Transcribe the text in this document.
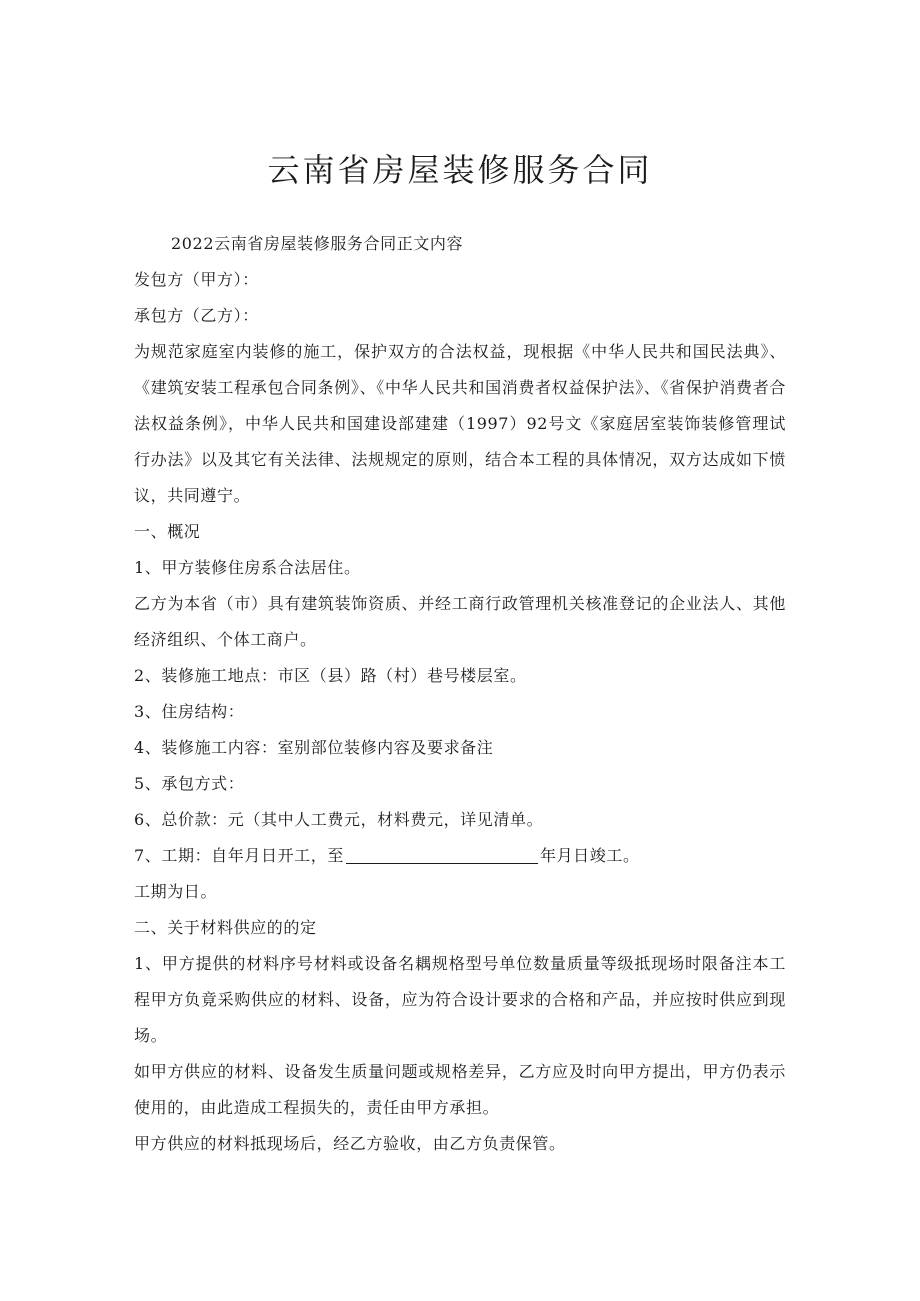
云南省房屋装修服务合同

2022云南省房屋装修服务合同正文内容

发包方（甲方）：

承包方（乙方）：

为规范家庭室内装修的施工，保护双方的合法权益，现根据《中华人民共和国民法典》、《建筑安装工程承包合同条例》、《中华人民共和国消费者权益保护法》、《省保护消费者合法权益条例》，中华人民共和国建设部建建（1997）92号文《家庭居室装饰装修管理试行办法》以及其它有关法律、法规规定的原则，结合本工程的具体情况，双方达成如下愤议，共同遵宁。

一、概况

1、甲方装修住房系合法居住。

乙方为本省（市）具有建筑装饰资质、并经工商行政管理机关核准登记的企业法人、其他经济组织、个体工商户。

2、装修施工地点：市区（县）路（村）巷号楼层室。

3、住房结构：

4、装修施工内容：室别部位装修内容及要求备注

5、承包方式：

6、总价款：元（其中人工费元，材料费元，详见清单。

7、工期：自年月日开工，至	年月日竣工。

工期为日。

二、关于材料供应的的定

1、甲方提供的材料序号材料或设备名耦规格型号单位数量质量等级抵现场时限备注本工程甲方负竟采购供应的材料、设备，应为符合设计要求的合格和产品，并应按时供应到现场。

如甲方供应的材料、设备发生质量问题或规格差异，乙方应及时向甲方提出，甲方仍表示使用的，由此造成工程损失的，责任由甲方承担。

甲方供应的材料抵现场后，经乙方验收，由乙方负责保管。
